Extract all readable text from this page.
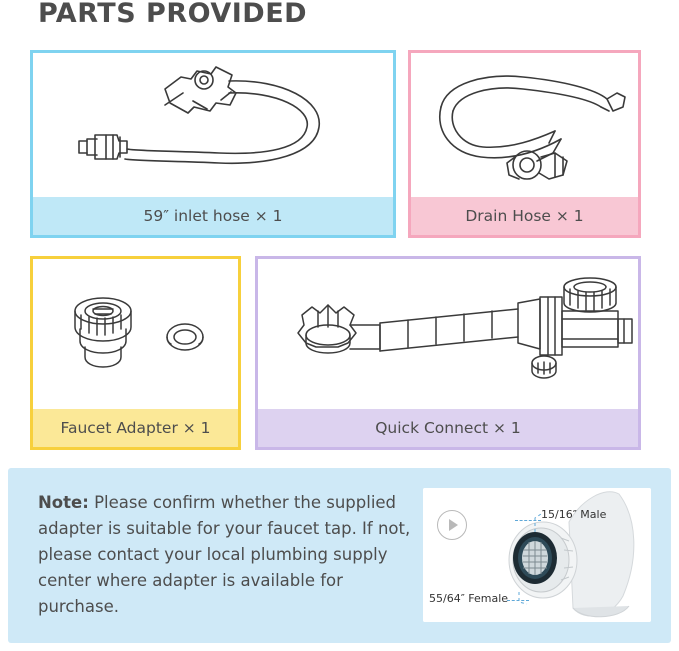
PARTS PROVIDED
59″ inlet hose × 1	Drain Hose × 1
Faucet Adapter × 1	Quick Connect × 1
Note: Please confirm whether the supplied adapter is suitable for your faucet tap. If not, please contact your local plumbing supply center where adapter is available for purchase.
15/16″ Male
55/64″ Female
